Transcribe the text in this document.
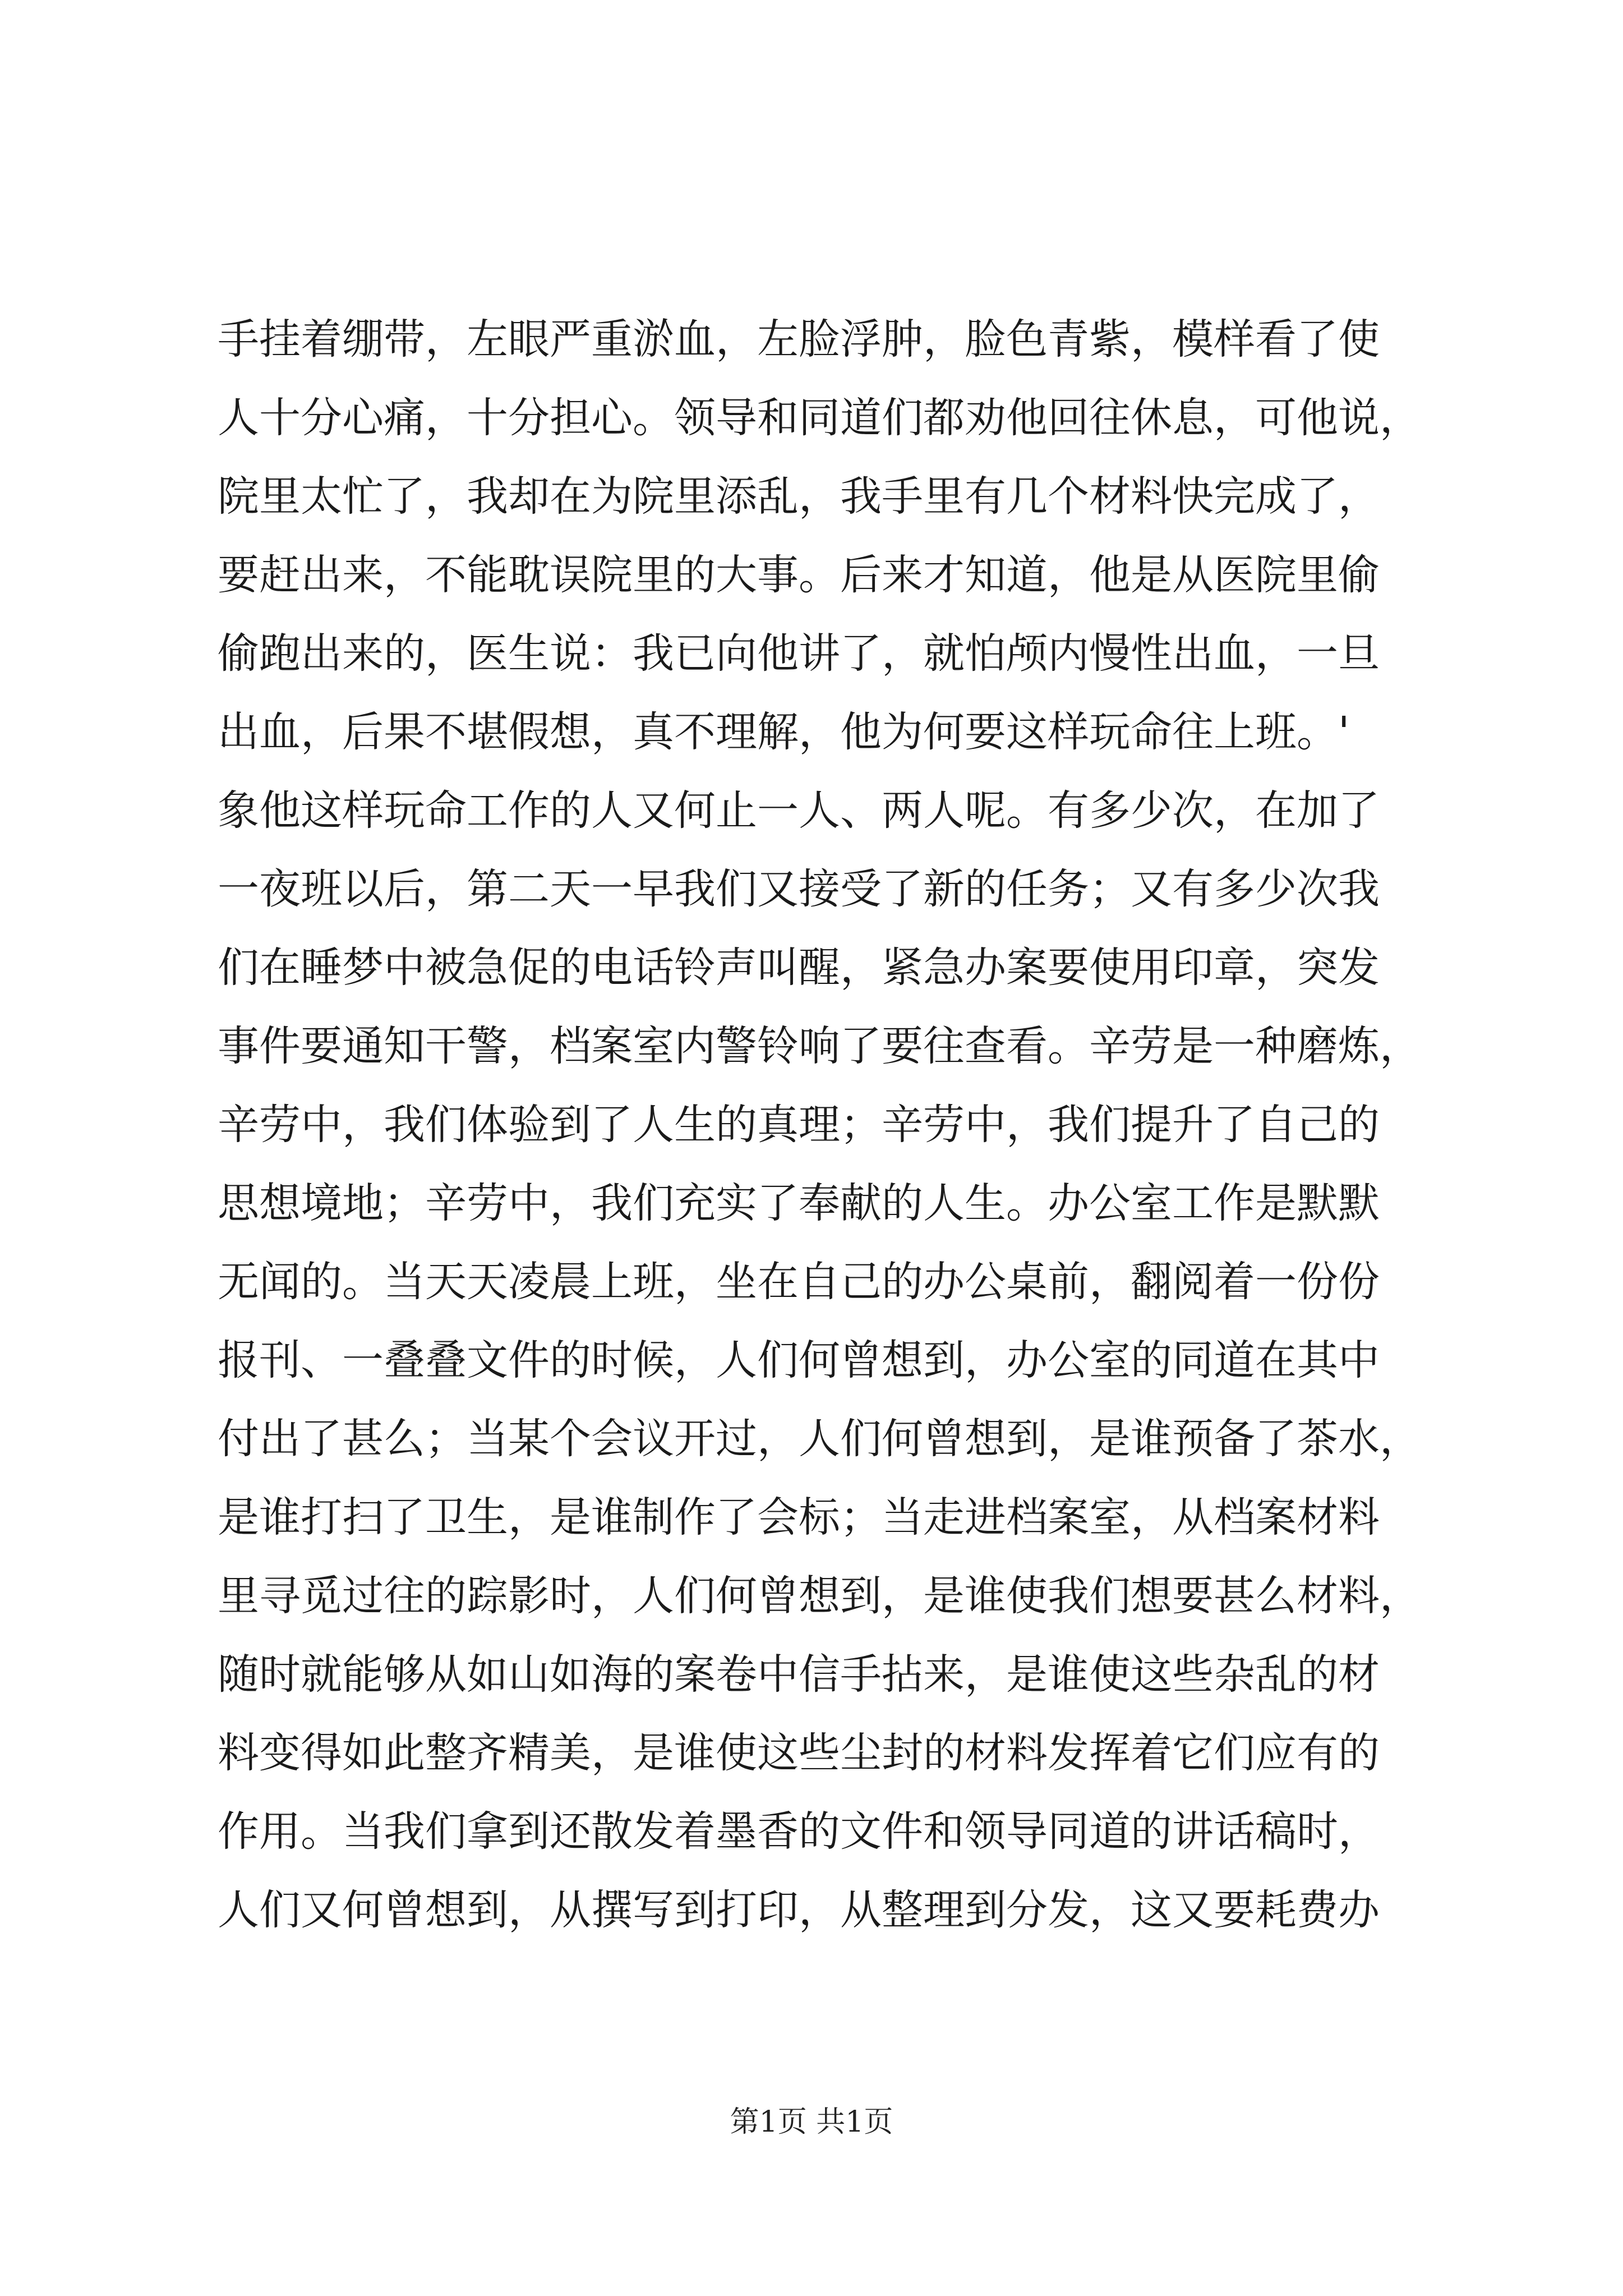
手挂着绷带，左眼严重淤血，左脸浮肿，脸色青紫，模样看了使
人十分心痛，十分担心。领导和同道们都劝他回往休息，可他说，
院里太忙了，我却在为院里添乱，我手里有几个材料快完成了，
要赶出来，不能耽误院里的大事。后来才知道，他是从医院里偷
偷跑出来的，医生说：我已向他讲了，就怕颅内慢性出血，一旦
出血，后果不堪假想，真不理解，他为何要这样玩命往上班。'
象他这样玩命工作的人又何止一人、两人呢。有多少次，在加了
一夜班以后，第二天一早我们又接受了新的任务；又有多少次我
们在睡梦中被急促的电话铃声叫醒，紧急办案要使用印章，突发
事件要通知干警，档案室内警铃响了要往查看。辛劳是一种磨炼，
辛劳中，我们体验到了人生的真理；辛劳中，我们提升了自己的
思想境地；辛劳中，我们充实了奉献的人生。办公室工作是默默
无闻的。当天天凌晨上班，坐在自己的办公桌前，翻阅着一份份
报刊、一叠叠文件的时候，人们何曾想到，办公室的同道在其中
付出了甚么；当某个会议开过，人们何曾想到，是谁预备了茶水，
是谁打扫了卫生，是谁制作了会标；当走进档案室，从档案材料
里寻觅过往的踪影时，人们何曾想到，是谁使我们想要甚么材料，
随时就能够从如山如海的案卷中信手拈来，是谁使这些杂乱的材
料变得如此整齐精美，是谁使这些尘封的材料发挥着它们应有的
作用。当我们拿到还散发着墨香的文件和领导同道的讲话稿时，
人们又何曾想到，从撰写到打印，从整理到分发，这又要耗费办
第1页 共1页
